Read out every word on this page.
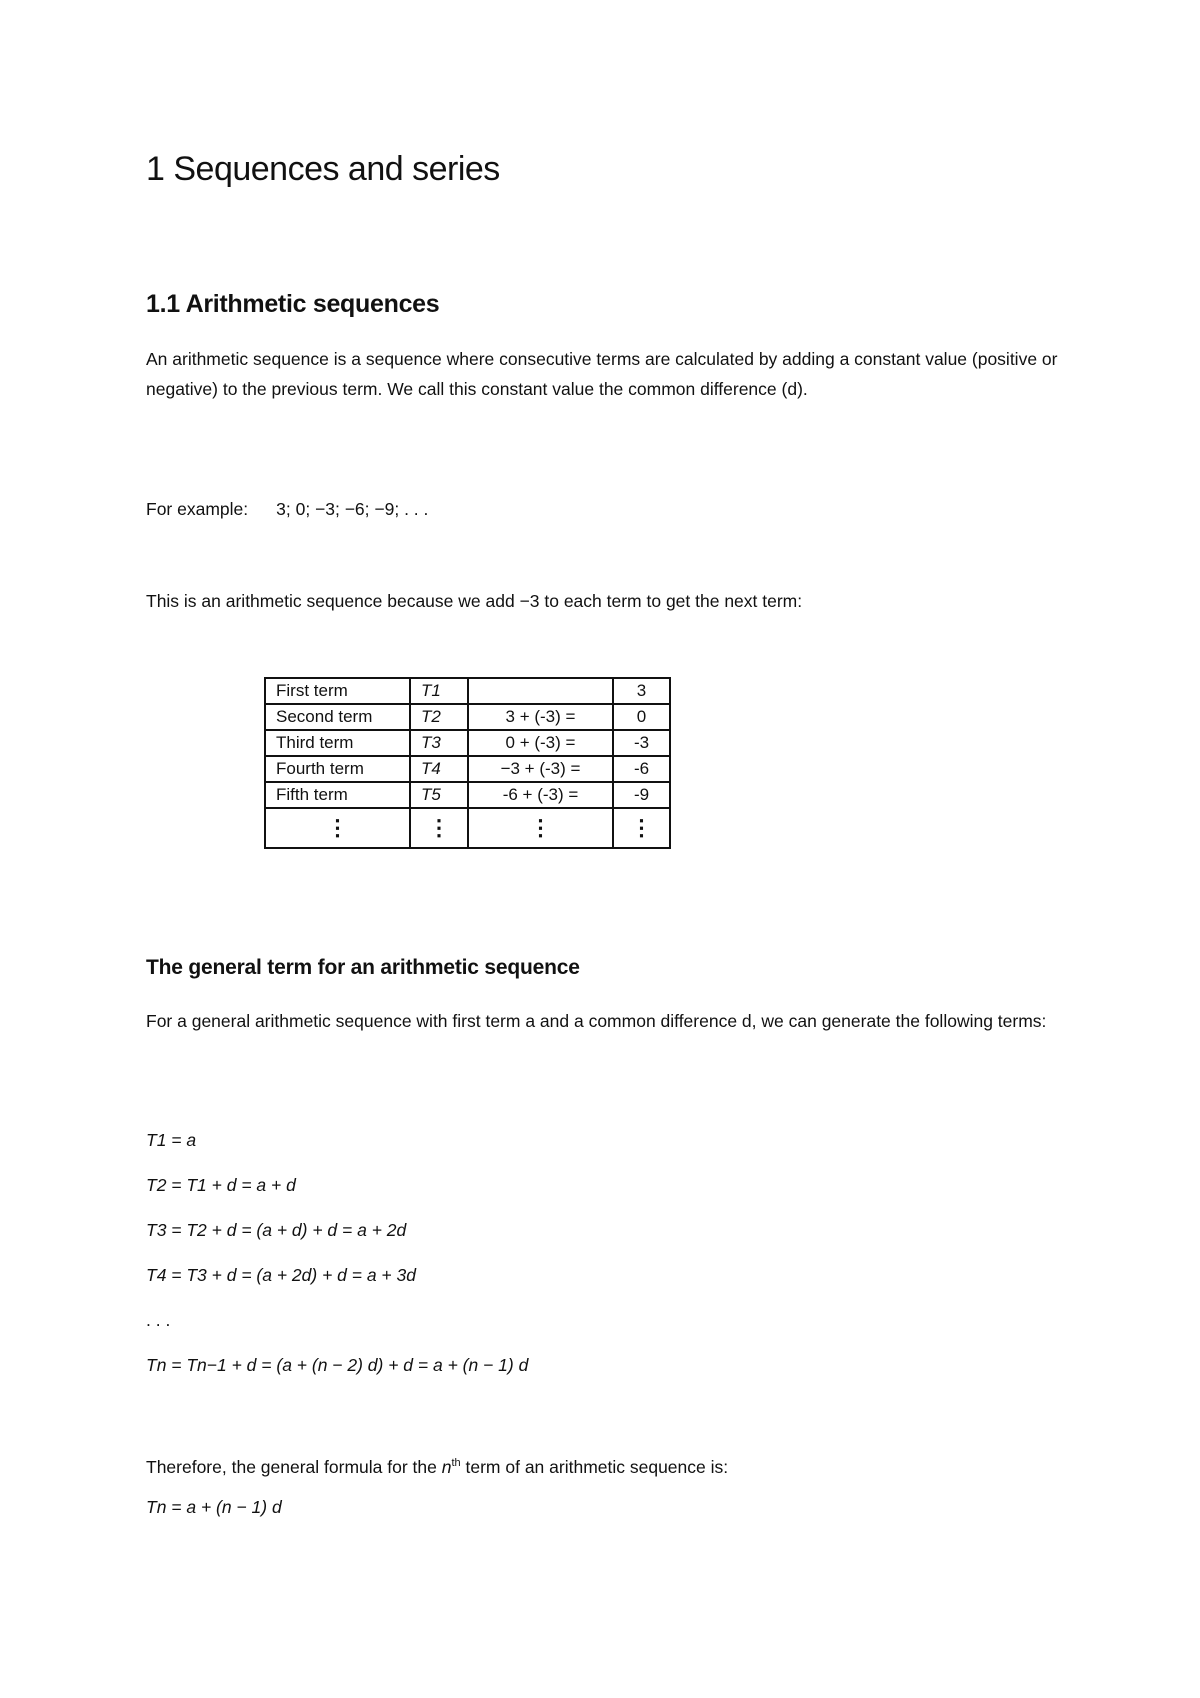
1 Sequences and series
1.1 Arithmetic sequences
An arithmetic sequence is a sequence where consecutive terms are calculated by adding a constant value (positive or negative) to the previous term. We call this constant value the common difference (d).
For example: 3; 0; −3; −6; −9; . . .
This is an arithmetic sequence because we add −3 to each term to get the next term:
First term	T1		3
Second term	T2	3 + (-3) =	0
Third term	T3	0 + (-3) =	-3
Fourth term	T4	−3 + (-3) =	-6
Fifth term	T5	-6 + (-3) =	-9
⋮	⋮	⋮	⋮
The general term for an arithmetic sequence
For a general arithmetic sequence with first term a and a common difference d, we can generate the following terms:
T1 = a
T2 = T1 + d = a + d
T3 = T2 + d = (a + d) + d = a + 2d
T4 = T3 + d = (a + 2d) + d = a + 3d
. . .
Tn = Tn−1 + d = (a + (n − 2) d) + d = a + (n − 1) d
Therefore, the general formula for the $n^{th}$ term of an arithmetic sequence is:
Tn = a + (n − 1) d
